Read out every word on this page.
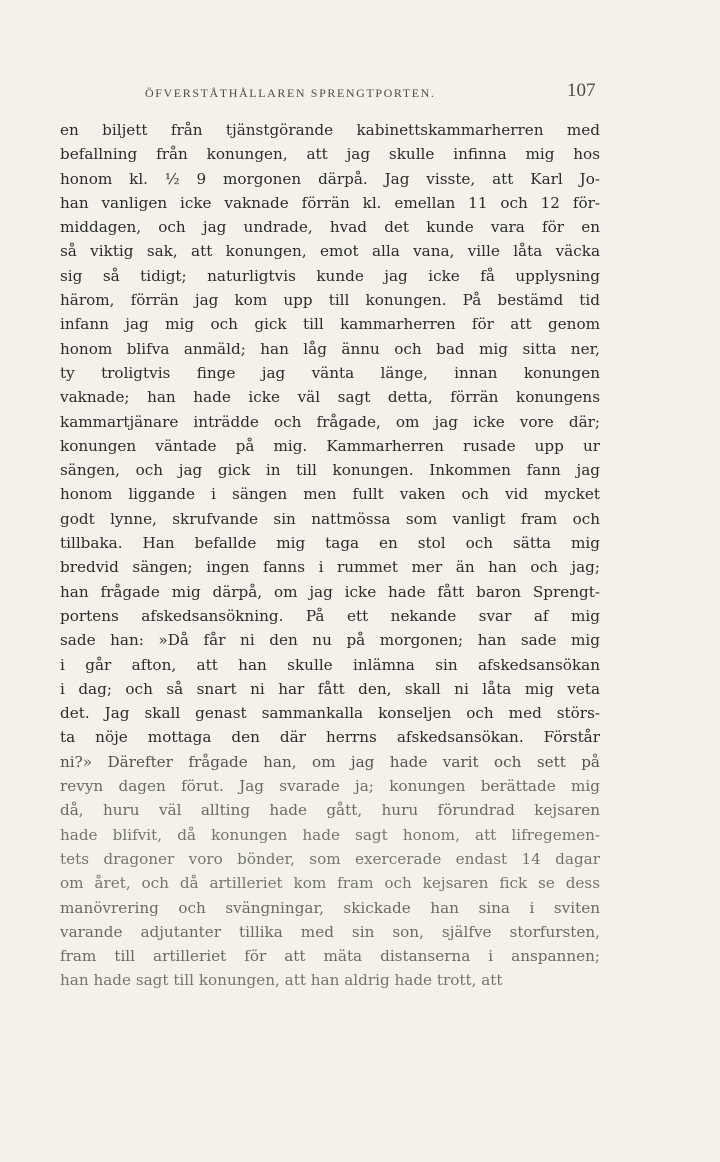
ÖFVERSTÅTHÅLLAREN SPRENGTPORTEN.	107
en biljett från tjänstgörande kabinettskammarherren med
befallning från konungen, att jag skulle infinna mig hos
honom kl. ½ 9 morgonen därpå. Jag visste, att Karl Jo-
han vanligen icke vaknade förrän kl. emellan 11 och 12 för-
middagen, och jag undrade, hvad det kunde vara för en
så viktig sak, att konungen, emot alla vana, ville låta väcka
sig så tidigt; naturligtvis kunde jag icke få upplysning
härom, förrän jag kom upp till konungen. På bestämd tid
infann jag mig och gick till kammarherren för att genom
honom blifva anmäld; han låg ännu och bad mig sitta ner,
ty troligtvis finge jag vänta länge, innan konungen
vaknade; han hade icke väl sagt detta, förrän konungens
kammartjänare inträdde och frågade, om jag icke vore där;
konungen väntade på mig. Kammarherren rusade upp ur
sängen, och jag gick in till konungen. Inkommen fann jag
honom liggande i sängen men fullt vaken och vid mycket
godt lynne, skrufvande sin nattmössa som vanligt fram och
tillbaka. Han befallde mig taga en stol och sätta mig
bredvid sängen; ingen fanns i rummet mer än han och jag;
han frågade mig därpå, om jag icke hade fått baron Sprengt-
portens afskedsansökning. På ett nekande svar af mig
sade han: »Då får ni den nu på morgonen; han sade mig
i går afton, att han skulle inlämna sin afskedsansökan
i dag; och så snart ni har fått den, skall ni låta mig veta
det. Jag skall genast sammankalla konseljen och med störs-
ta nöje mottaga den där herrns afskedsansökan. Förstår
ni?» Därefter frågade han, om jag hade varit och sett på
revyn dagen förut. Jag svarade ja; konungen berättade mig
då, huru väl allting hade gått, huru förundrad kejsaren
hade blifvit, då konungen hade sagt honom, att lifregemen-
tets dragoner voro bönder, som exercerade endast 14 dagar
om året, och då artilleriet kom fram och kejsaren fick se dess
manövrering och svängningar, skickade han sina i sviten
varande adjutanter tillika med sin son, själfve storfursten,
fram till artilleriet för att mäta distanserna i anspannen;
han hade sagt till konungen, att han aldrig hade trott, att
